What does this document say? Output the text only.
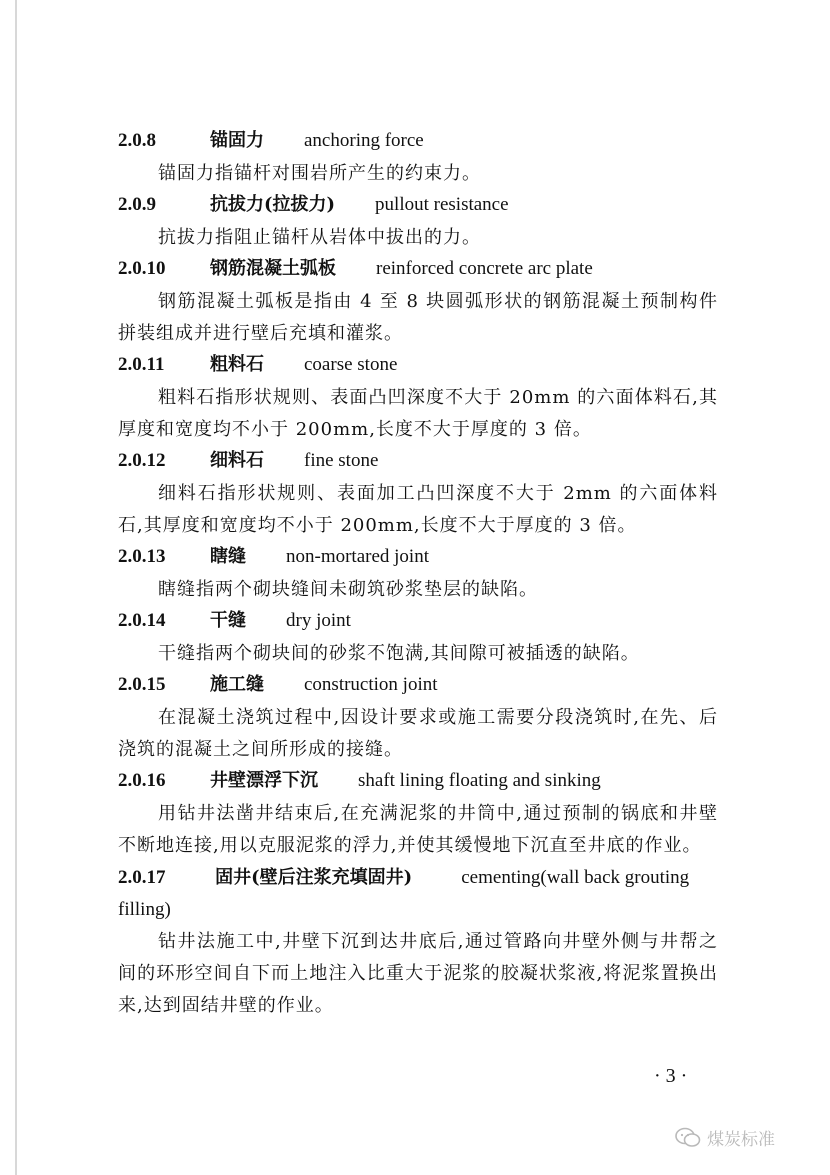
2.0.8	锚固力 anchoring force

锚固力指锚杆对围岩所产生的约束力。

2.0.9	抗拔力(拉拔力) pullout resistance

抗拔力指阻止锚杆从岩体中拔出的力。

2.0.10	钢筋混凝土弧板 reinforced concrete arc plate

钢筋混凝土弧板是指由 4 至 8 块圆弧形状的钢筋混凝土预制构件拼装组成并进行壁后充填和灌浆。

2.0.11	粗料石 coarse stone

粗料石指形状规则、表面凸凹深度不大于 20mm 的六面体料石,其厚度和宽度均不小于 200mm,长度不大于厚度的 3 倍。

2.0.12	细料石 fine stone

细料石指形状规则、表面加工凸凹深度不大于 2mm 的六面体料石,其厚度和宽度均不小于 200mm,长度不大于厚度的 3 倍。

2.0.13	瞎缝 non-mortared joint

瞎缝指两个砌块缝间未砌筑砂浆垫层的缺陷。

2.0.14	干缝 dry joint

干缝指两个砌块间的砂浆不饱满,其间隙可被插透的缺陷。

2.0.15	施工缝 construction joint

在混凝土浇筑过程中,因设计要求或施工需要分段浇筑时,在先、后浇筑的混凝土之间所形成的接缝。

2.0.16	井壁漂浮下沉 shaft lining floating and sinking

用钻井法凿井结束后,在充满泥浆的井筒中,通过预制的锅底和井壁不断地连接,用以克服泥浆的浮力,并使其缓慢地下沉直至井底的作业。

2.0.17	固井(壁后注浆充填固井)	cementing(wall back grouting filling)

钻井法施工中,井壁下沉到达井底后,通过管路向井壁外侧与井帮之间的环形空间自下而上地注入比重大于泥浆的胶凝状浆液,将泥浆置换出来,达到固结井壁的作业。

· 3 ·
煤炭标准
